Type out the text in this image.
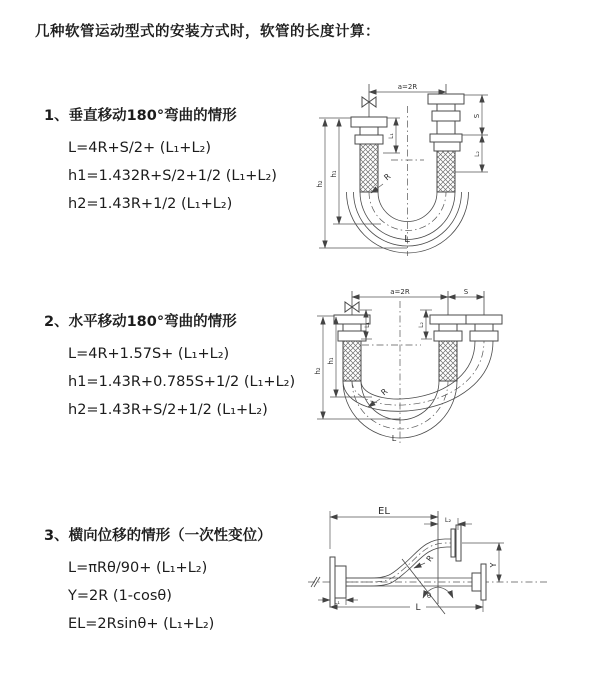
几种软管运动型式的安装方式时，软管的长度计算：
1、垂直移动180°弯曲的情形

L=4R+S/2+ (L₁+L₂)

h1=1.432R+S/2+1/2 (L₁+L₂)

h2=1.43R+1/2 (L₁+L₂)

2、水平移动180°弯曲的情形

L=4R+1.57S+ (L₁+L₂)

h1=1.43R+0.785S+1/2 (L₁+L₂)

h2=1.43R+S/2+1/2 (L₁+L₂)

3、横向位移的情形（一次性变位）

L=πRθ/90+ (L₁+L₂)

Y=2R (1-cosθ)

EL=2Rsinθ+ (L₁+L₂)

a=2R
h₁
h₂
L₁
S
L₂
R
L
a=2R	S
h₁
h₂
L₁	L₂
R
L
EL
L₂
Y
R
θ
L₁
L
